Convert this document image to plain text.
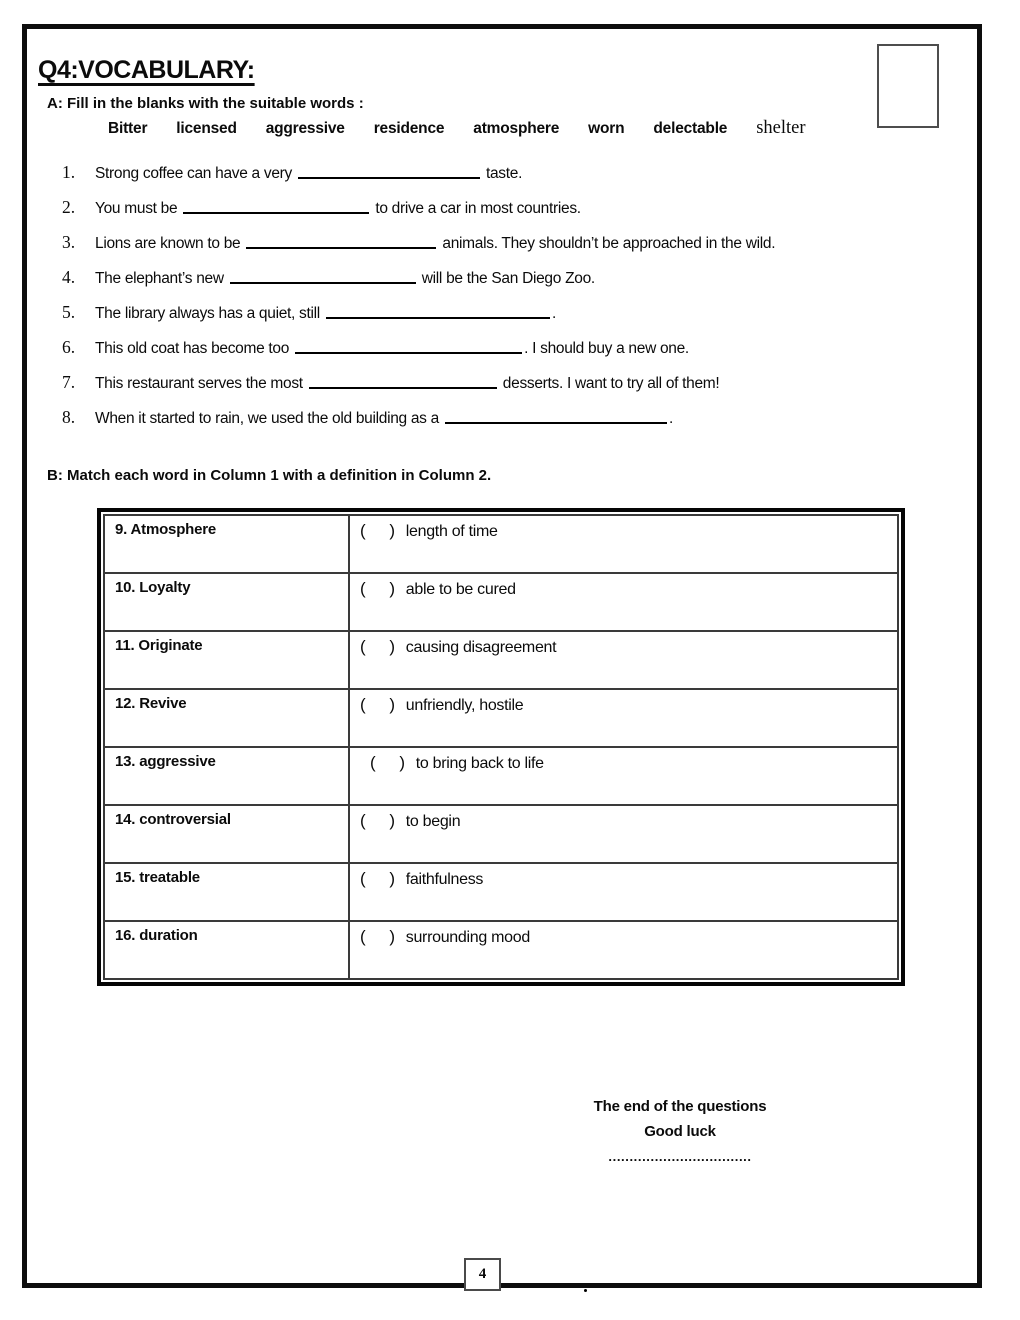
Q4:VOCABULARY:
A: Fill in the blanks with the suitable words :
Bitter licensed aggressive residence atmosphere worn delectable shelter
1.	Strong coffee can have a very	taste.
2.	You must be	to drive a car in most countries.
3.	Lions are known to be	animals. They shouldn’t be approached in the wild.
4.	The elephant’s new	will be the San Diego Zoo.
5.	The library always has a quiet, still	.
6.	This old coat has become too	. I should buy a new one.
7.	This restaurant serves the most	desserts. I want to try all of them!
8.	When it started to rain, we used the old building as a	.
B: Match each word in Column 1 with a definition in Column 2.
9. Atmosphere	( ) length of time
10. Loyalty	( ) able to be cured
11. Originate	( ) causing disagreement
12. Revive	( ) unfriendly, hostile
13. aggressive	( ) to bring back to life
14. controversial	( ) to begin
15. treatable	( ) faithfulness
16. duration	( ) surrounding mood
The end of the questions
Good luck
..................................
4
